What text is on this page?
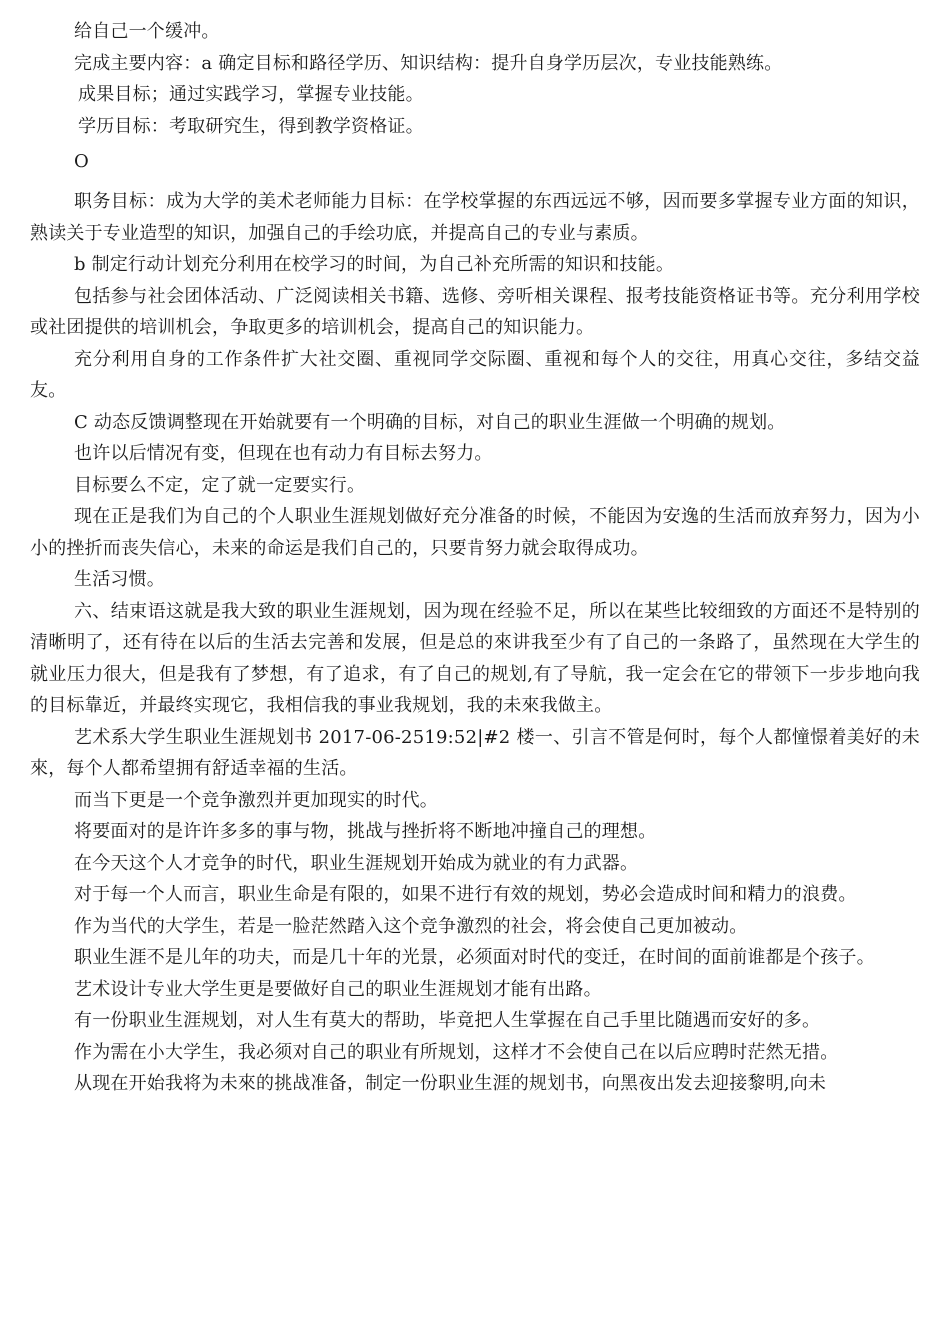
给自己一个缓冲。

完成主要内容：a 确定目标和路径学历、知识结构：提升自身学历层次，专业技能熟练。

成果目标；通过实践学习，掌握专业技能。

学历目标：考取研究生，得到教学资格证。

O

职务目标：成为大学的美术老师能力目标：在学校掌握的东西远远不够，因而要多掌握专业方面的知识，熟读关于专业造型的知识，加强自己的手绘功底，并提高自己的专业与素质。

b 制定行动计划充分利用在校学习的时间，为自己补充所需的知识和技能。

包括参与社会团体活动、广泛阅读相关书籍、选修、旁听相关课程、报考技能资格证书等。充分利用学校或社团提供的培训机会，争取更多的培训机会，提高自己的知识能力。

充分利用自身的工作条件扩大社交圈、重视同学交际圈、重视和每个人的交往，用真心交往，多结交益友。

C 动态反馈调整现在开始就要有一个明确的目标，对自己的职业生涯做一个明确的规划。

也许以后情况有变，但现在也有动力有目标去努力。

目标要么不定，定了就一定要实行。

现在正是我们为自己的个人职业生涯规划做好充分准备的时候，不能因为安逸的生活而放弃努力，因为小小的挫折而丧失信心，未来的命运是我们自己的，只要肯努力就会取得成功。

生活习惯。

六、结束语这就是我大致的职业生涯规划，因为现在经验不足，所以在某些比较细致的方面还不是特别的清晰明了，还有待在以后的生活去完善和发展，但是总的來讲我至少有了自己的一条路了，虽然现在大学生的就业压力很大，但是我有了梦想，有了追求，有了自己的规划,有了导航，我一定会在它的带领下一步步地向我的目标靠近，并最终实现它，我相信我的事业我规划，我的未來我做主。

艺术系大学生职业生涯规划书 2017-06-2519:52|#2 楼一、引言不管是何时，每个人都憧憬着美好的未來，每个人都希望拥有舒适幸福的生活。

而当下更是一个竞争激烈并更加现实的时代。

将要面对的是许许多多的事与物，挑战与挫折将不断地冲撞自己的理想。

在今天这个人才竞争的时代，职业生涯规划开始成为就业的有力武器。

对于每一个人而言，职业生命是有限的，如果不进行有效的规划，势必会造成时间和精力的浪费。

作为当代的大学生，若是一脸茫然踏入这个竞争激烈的社会，将会使自己更加被动。

职业生涯不是儿年的功夫，而是几十年的光景，必须面对时代的变迁，在时间的面前谁都是个孩子。

艺术设计专业大学生更是要做好自己的职业生涯规划才能有出路。

有一份职业生涯规划，对人生有莫大的帮助，毕竟把人生掌握在自己手里比随遇而安好的多。

作为需在小大学生，我必须对自己的职业有所规划，这样才不会使自己在以后应聘时茫然无措。

从现在开始我将为未來的挑战准备，制定一份职业生涯的规划书，向黑夜出发去迎接黎明,向未
